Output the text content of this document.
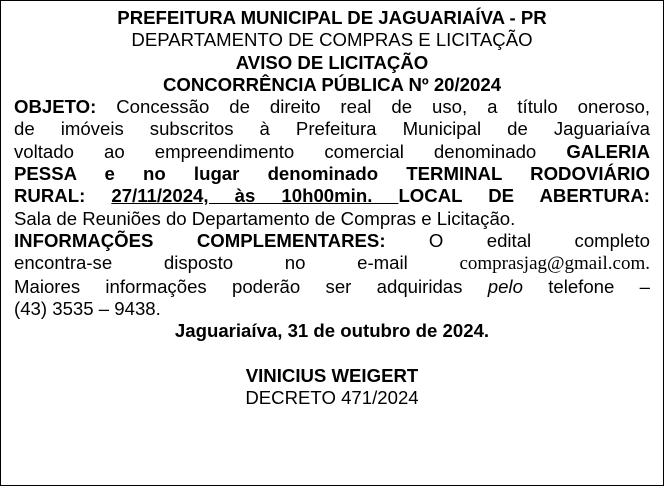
PREFEITURA MUNICIPAL DE JAGUARIAÍVA - PR
DEPARTAMENTO DE COMPRAS E LICITAÇÃO
AVISO DE LICITAÇÃO
CONCORRÊNCIA PÚBLICA Nº 20/2024
OBJETO: Concessão de direito real de uso, a título oneroso,
de imóveis subscritos à Prefeitura Municipal de Jaguariaíva
voltado ao empreendimento comercial denominado GALERIA
PESSA e no lugar denominado TERMINAL RODOVIÁRIO
RURAL: 27/11/2024, às 10h00min. LOCAL DE ABERTURA:
Sala de Reuniões do Departamento de Compras e Licitação.
INFORMAÇÕES COMPLEMENTARES: O edital completo
encontra-se disposto no e-mail comprasjag@gmail.com.
Maiores informações poderão ser adquiridas pelo telefone –
(43) 3535 – 9438.
Jaguariaíva, 31 de outubro de 2024.
VINICIUS WEIGERT
DECRETO 471/2024
